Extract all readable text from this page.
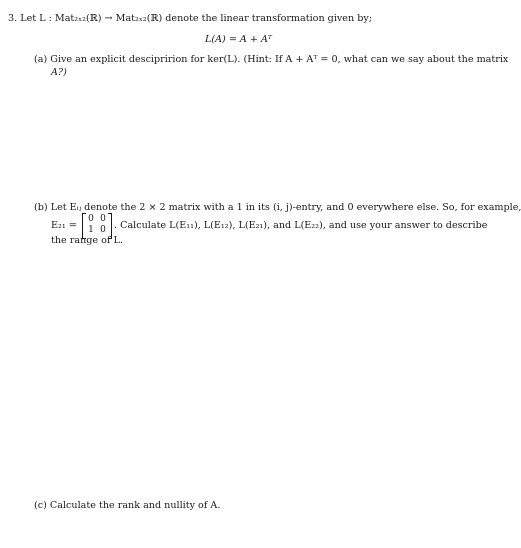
3. Let L : Mat₂ₓ₂(ℝ) → Mat₂ₓ₂(ℝ) denote the linear transformation given by;
L(A) = A + Aᵀ
(a) Give an explicit descipririon for ker(L). (Hint: If A + Aᵀ = 0, what can we say about the matrix
A?)
(b) Let Eᵢⱼ denote the 2 × 2 matrix with a 1 in its (i, j)-entry, and 0 everywhere else. So, for example,
E₂₁ =
0 0
1 0 . Calculate L(E₁₁), L(E₁₂), L(E₂₁), and L(E₂₂), and use your answer to describe
the range of L.
(c) Calculate the rank and nullity of A.
